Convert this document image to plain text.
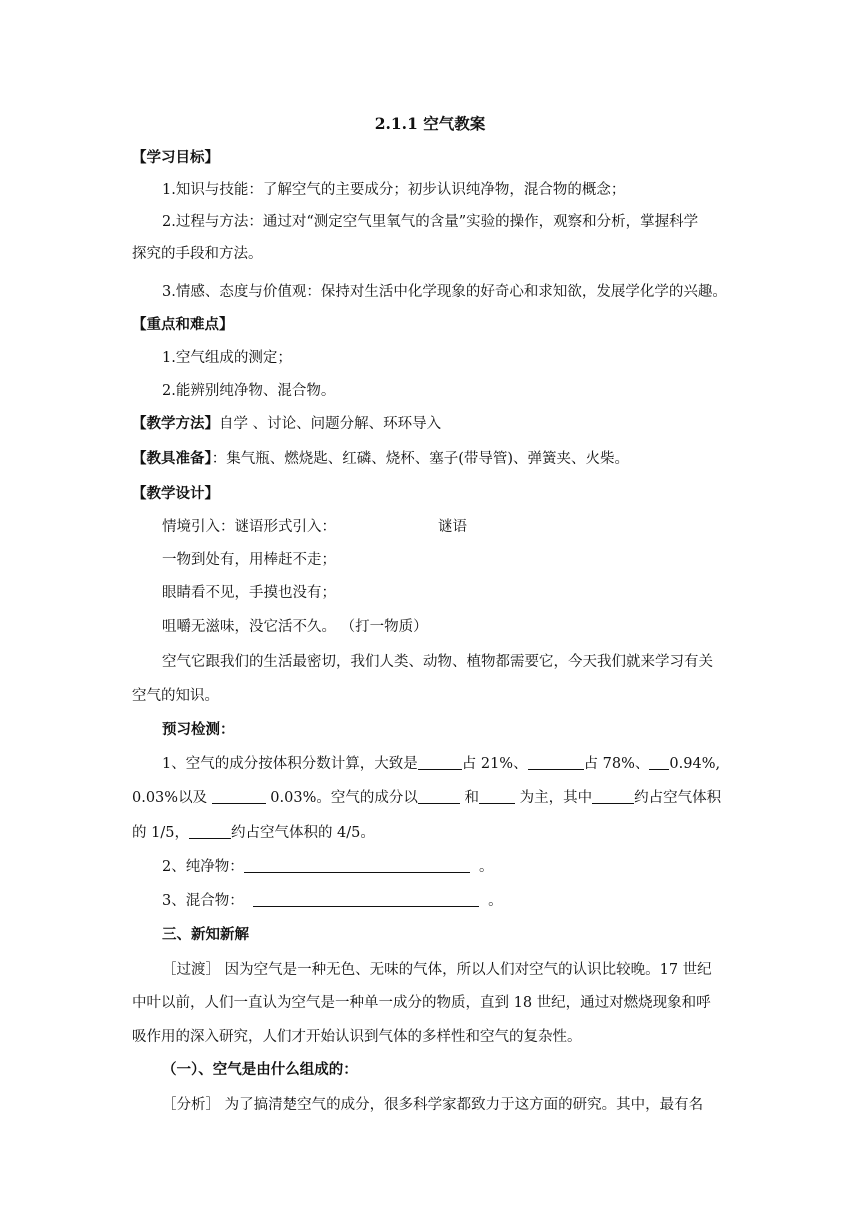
2.1.1 空气教案
【学习目标】
1.知识与技能：了解空气的主要成分；初步认识纯净物，混合物的概念；
2.过程与方法：通过对“测定空气里氧气的含量”实验的操作，观察和分析，掌握科学
探究的手段和方法。
3.情感、态度与价值观：保持对生活中化学现象的好奇心和求知欲，发展学化学的兴趣。
【重点和难点】
1.空气组成的测定；
2.能辨别纯净物、混合物。
【教学方法】自学 、讨论、问题分解、环环导入
【教具准备】：集气瓶、燃烧匙、红磷、烧杯、塞子(带导管)、弹簧夹、火柴。
【教学设计】
情境引入：谜语形式引入：	谜语
一物到处有，用棒赶不走；
眼睛看不见，手摸也没有；
咀嚼无滋味，没它活不久。 （打一物质）
空气它跟我们的生活最密切，我们人类、动物、植物都需要它，今天我们就来学习有关
空气的知识。
预习检测：
1、空气的成分按体积分数计算，大致是	占 21%、	占 78%、 0.94%,
0.03%以及	0.03%。空气的成分以	和	为主，其中	约占空气体积
的 1/5，	约占空气体积的 4/5。
2、纯净物：	。
3、混合物：	。
三、新知新解
［过渡］ 因为空气是一种无色、无味的气体，所以人们对空气的认识比较晚。17 世纪
中叶以前，人们一直认为空气是一种单一成分的物质，直到 18 世纪，通过对燃烧现象和呼
吸作用的深入研究，人们才开始认识到气体的多样性和空气的复杂性。
（一）、空气是由什么组成的：
［分析］ 为了搞清楚空气的成分，很多科学家都致力于这方面的研究。其中，最有名
